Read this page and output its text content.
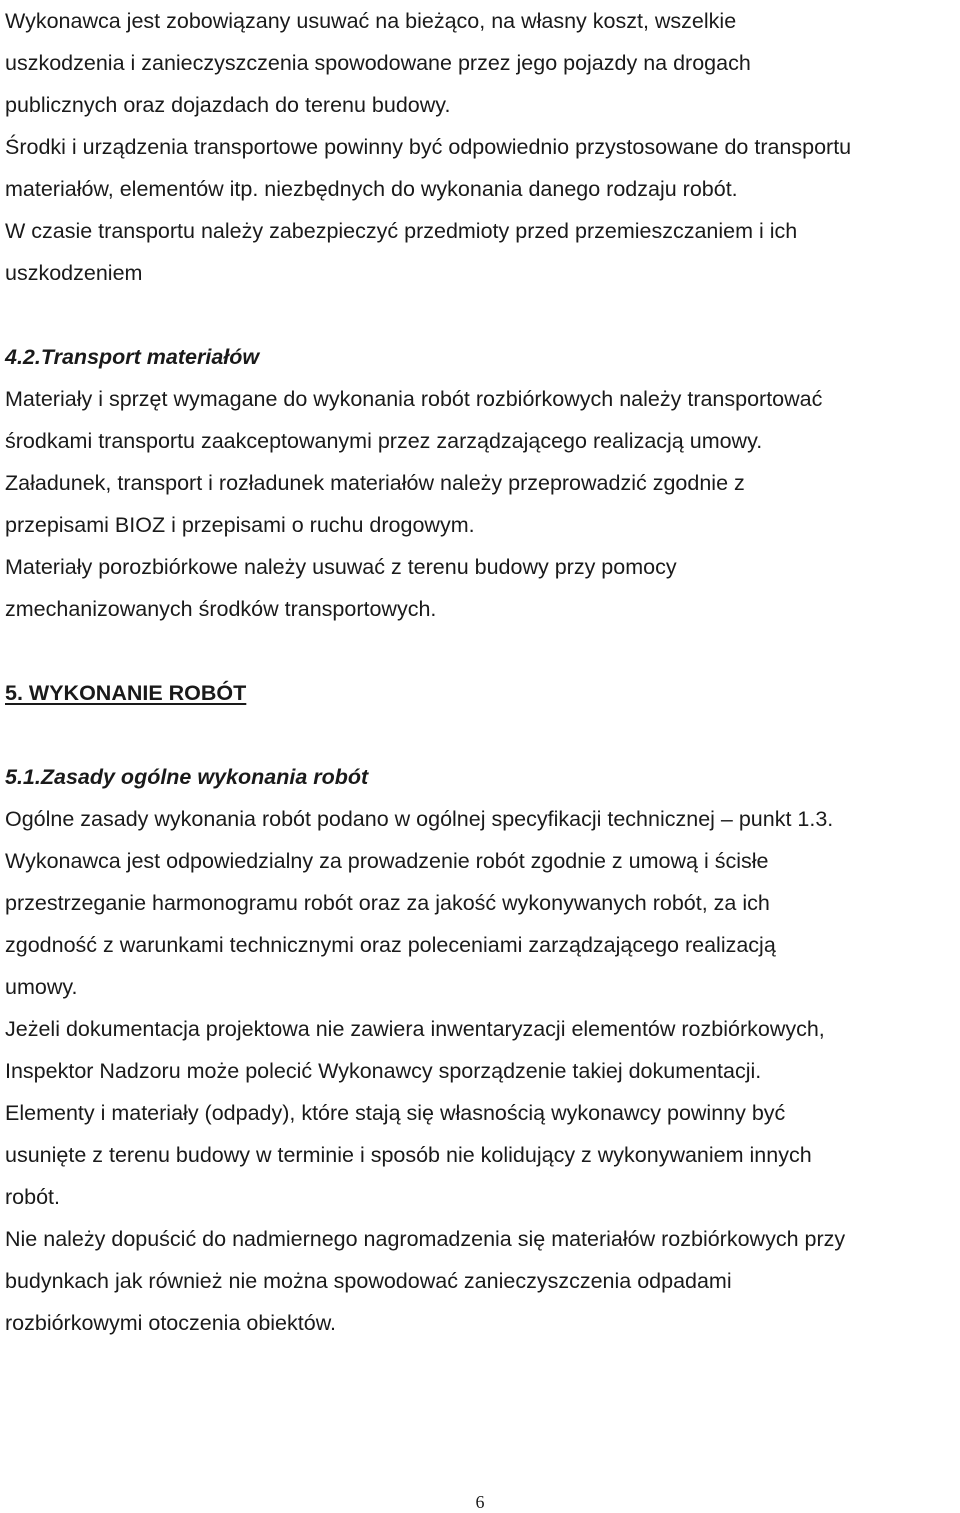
Wykonawca jest zobowiązany usuwać na bieżąco, na własny koszt, wszelkie
uszkodzenia i zanieczyszczenia spowodowane przez jego pojazdy na drogach
publicznych oraz dojazdach do terenu budowy.

Środki i urządzenia transportowe powinny być odpowiednio przystosowane do transportu
materiałów, elementów itp. niezbędnych do wykonania danego rodzaju robót.

W czasie transportu należy zabezpieczyć przedmioty przed przemieszczaniem i ich
uszkodzeniem

4.2.Transport materiałów

Materiały i sprzęt wymagane do wykonania robót rozbiórkowych należy transportować
środkami transportu zaakceptowanymi przez zarządzającego realizacją umowy.

Załadunek, transport i rozładunek materiałów należy przeprowadzić zgodnie z
przepisami BIOZ i przepisami o ruchu drogowym.

Materiały porozbiórkowe należy usuwać z terenu budowy przy pomocy
zmechanizowanych środków transportowych.

5. WYKONANIE ROBÓT

5.1.Zasady ogólne wykonania robót

Ogólne zasady wykonania robót podano w ogólnej specyfikacji technicznej – punkt 1.3.

Wykonawca jest odpowiedzialny za prowadzenie robót zgodnie z umową i ścisłe
przestrzeganie harmonogramu robót oraz za jakość wykonywanych robót, za ich
zgodność z warunkami technicznymi oraz poleceniami zarządzającego realizacją
umowy.

Jeżeli dokumentacja projektowa nie zawiera inwentaryzacji elementów rozbiórkowych,
Inspektor Nadzoru może polecić Wykonawcy sporządzenie takiej dokumentacji.

Elementy i materiały (odpady), które stają się własnością wykonawcy powinny być
usunięte z terenu budowy w terminie i sposób nie kolidujący z wykonywaniem innych
robót.

Nie należy dopuścić do nadmiernego nagromadzenia się materiałów rozbiórkowych przy
budynkach jak również nie można spowodować zanieczyszczenia odpadami
rozbiórkowymi otoczenia obiektów.

6
